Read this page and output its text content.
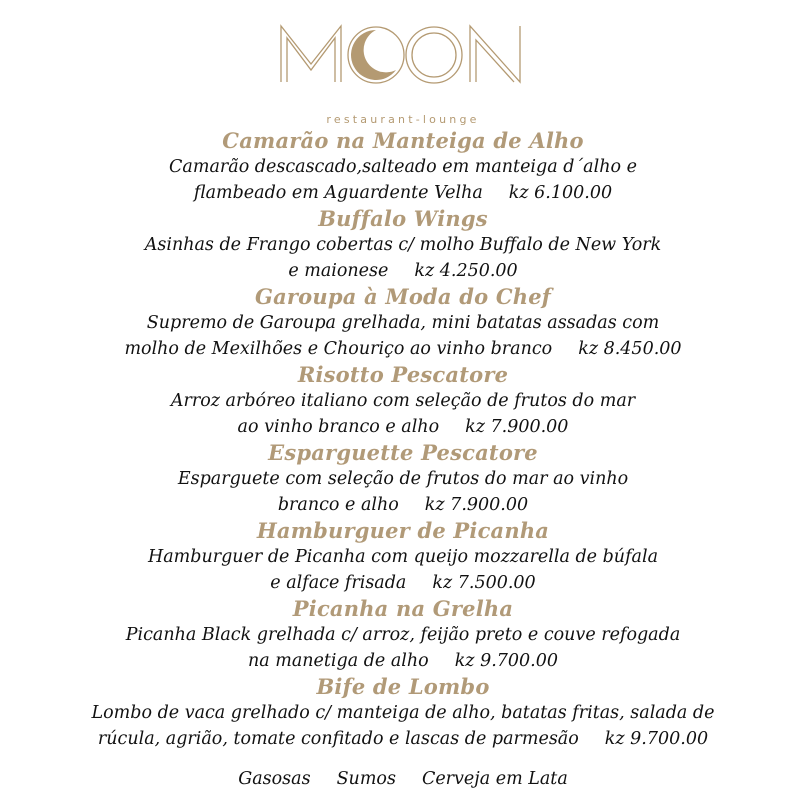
restaurant-lounge
Camarão na Manteiga de Alho
Camarão descascado,salteado em manteiga d´alho e
flambeado em Aguardente Velha kz 6.100.00
Buffalo Wings
Asinhas de Frango cobertas c/ molho Buffalo de New York
e maionese kz 4.250.00
Garoupa à Moda do Chef
Supremo de Garoupa grelhada, mini batatas assadas com
molho de Mexilhões e Chouriço ao vinho branco kz 8.450.00
Risotto Pescatore
Arroz arbóreo italiano com seleção de frutos do mar
ao vinho branco e alho kz 7.900.00
Esparguette Pescatore
Esparguete com seleção de frutos do mar ao vinho
branco e alho kz 7.900.00
Hamburguer de Picanha
Hamburguer de Picanha com queijo mozzarella de búfala
e alface frisada kz 7.500.00
Picanha na Grelha
Picanha Black grelhada c/ arroz, feijão preto e couve refogada
na manetiga de alho kz 9.700.00
Bife de Lombo
Lombo de vaca grelhado c/ manteiga de alho, batatas fritas, salada de
rúcula, agrião, tomate confitado e lascas de parmesão kz 9.700.00
Gasosas Sumos Cerveja em Lata
